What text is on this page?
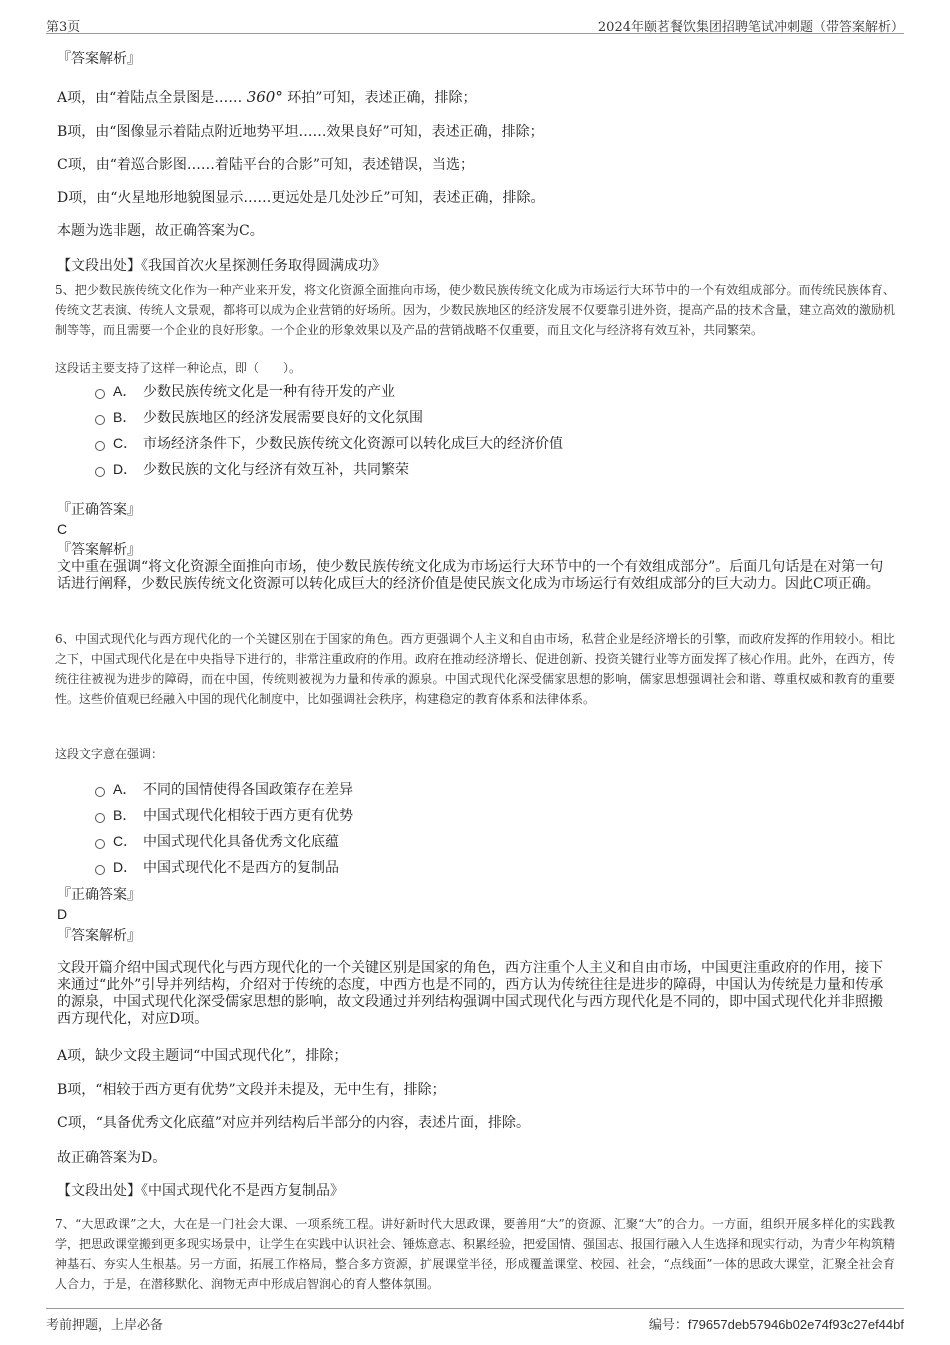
第3页	2024年颐茗餐饮集团招聘笔试冲刺题（带答案解析）
『答案解析』
A项，由“着陆点全景图是…… 360° 环拍”可知，表述正确，排除；
B项，由“图像显示着陆点附近地势平坦……效果良好”可知，表述正确，排除；
C项，由“着巡合影图……着陆平台的合影”可知，表述错误，当选；
D项，由“火星地形地貌图显示……更远处是几处沙丘”可知，表述正确，排除。
本题为选非题，故正确答案为C。
【文段出处】《我国首次火星探测任务取得圆满成功》
5、把少数民族传统文化作为一种产业来开发，将文化资源全面推向市场，使少数民族传统文化成为市场运行大环节中的一个有效组成部分。而传统民族体育、传统文艺表演、传统人文景观，都将可以成为企业营销的好场所。因为，少数民族地区的经济发展不仅要靠引进外资，提高产品的技术含量，建立高效的激励机制等等，而且需要一个企业的良好形象。一个企业的形象效果以及产品的营销战略不仅重要，而且文化与经济将有效互补，共同繁荣。
这段话主要支持了这样一种论点，即（　　）。
A． 少数民族传统文化是一种有待开发的产业
B． 少数民族地区的经济发展需要良好的文化氛围
C． 市场经济条件下，少数民族传统文化资源可以转化成巨大的经济价值
D． 少数民族的文化与经济有效互补，共同繁荣
『正确答案』
C
『答案解析』
文中重在强调“将文化资源全面推向市场，使少数民族传统文化成为市场运行大环节中的一个有效组成部分”。后面几句话是在对第一句话进行阐释，少数民族传统文化资源可以转化成巨大的经济价值是使民族文化成为市场运行有效组成部分的巨大动力。因此C项正确。
6、中国式现代化与西方现代化的一个关键区别在于国家的角色。西方更强调个人主义和自由市场，私营企业是经济增长的引擎，而政府发挥的作用较小。相比之下，中国式现代化是在中央指导下进行的，非常注重政府的作用。政府在推动经济增长、促进创新、投资关键行业等方面发挥了核心作用。此外，在西方，传统往往被视为进步的障碍，而在中国，传统则被视为力量和传承的源泉。中国式现代化深受儒家思想的影响，儒家思想强调社会和谐、尊重权威和教育的重要性。这些价值观已经融入中国的现代化制度中，比如强调社会秩序，构建稳定的教育体系和法律体系。
这段文字意在强调：
A． 不同的国情使得各国政策存在差异
B． 中国式现代化相较于西方更有优势
C． 中国式现代化具备优秀文化底蕴
D． 中国式现代化不是西方的复制品
『正确答案』
D
『答案解析』
文段开篇介绍中国式现代化与西方现代化的一个关键区别是国家的角色，西方注重个人主义和自由市场，中国更注重政府的作用，接下来通过“此外”引导并列结构，介绍对于传统的态度，中西方也是不同的，西方认为传统往往是进步的障碍，中国认为传统是力量和传承的源泉，中国式现代化深受儒家思想的影响，故文段通过并列结构强调中国式现代化与西方现代化是不同的，即中国式现代化并非照搬西方现代化，对应D项。
A项，缺少文段主题词“中国式现代化”，排除；
B项，“相较于西方更有优势”文段并未提及，无中生有，排除；
C项，“具备优秀文化底蕴”对应并列结构后半部分的内容，表述片面，排除。
故正确答案为D。
【文段出处】《中国式现代化不是西方复制品》
7、“大思政课”之大，大在是一门社会大课、一项系统工程。讲好新时代大思政课，要善用“大”的资源、汇聚“大”的合力。一方面，组织开展多样化的实践教学，把思政课堂搬到更多现实场景中，让学生在实践中认识社会、锤炼意志、积累经验，把爱国情、强国志、报国行融入人生选择和现实行动，为青少年构筑精神基石、夯实人生根基。另一方面，拓展工作格局，整合多方资源，扩展课堂半径，形成覆盖课堂、校园、社会，“点线面”一体的思政大课堂，汇聚全社会育人合力，于是，在潜移默化、润物无声中形成启智润心的育人整体氛围。
考前押题，上岸必备	编号：f79657deb57946b02e74f93c27ef44bf
